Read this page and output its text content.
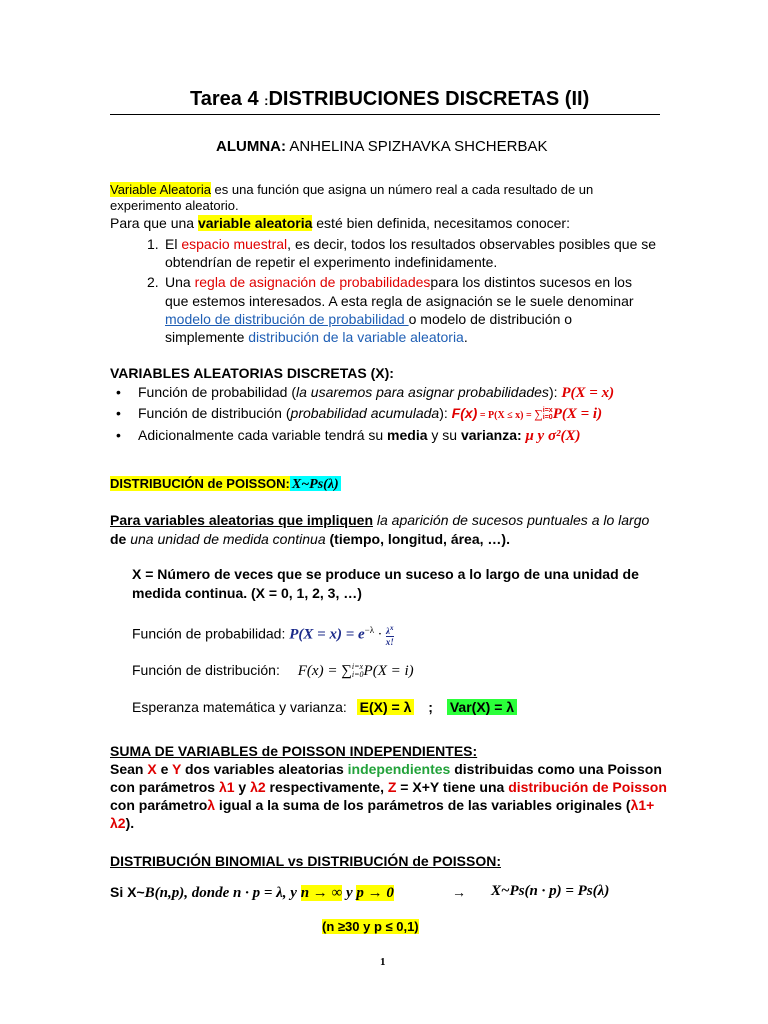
Tarea 4 :DISTRIBUCIONES DISCRETAS (II)
ALUMNA: ANHELINA SPIZHAVKA SHCHERBAK
Variable Aleatoria es una función que asigna un número real a cada resultado de un
experimento aleatorio.
Para que una variable aleatoria esté bien definida, necesitamos conocer:
1. El espacio muestral, es decir, todos los resultados observables posibles que se
obtendrían de repetir el experimento indefinidamente.
2. Una regla de asignación de probabilidadespara los distintos sucesos en los
que estemos interesados. A esta regla de asignación se le suele denominar
modelo de distribución de probabilidad o modelo de distribución o
simplemente distribución de la variable aleatoria.
VARIABLES ALEATORIAS DISCRETAS (X):
• Función de probabilidad (la usaremos para asignar probabilidades): P(X = x)
• Función de distribución (probabilidad acumulada): F(x) = P(X ≤ x) = ∑ i=x
i=0 P(X = i)
• Adicionalmente cada variable tendrá su media y su varianza: μ y σ²(X)
DISTRIBUCIÓN de POISSON: X~Ps(λ)
Para variables aleatorias que impliquen la aparición de sucesos puntuales a lo largo
de una unidad de medida continua (tiempo, longitud, área, …).
X = Número de veces que se produce un suceso a lo largo de una unidad de
medida continua. (X = 0, 1, 2, 3, …)
Función de probabilidad: $P(X = x) = e^{-\lambda} \cdot \frac{\lambda^x}{x!}$
Función de distribución: F(x) = ∑ i=x
i=0 P(X = i)
Esperanza matemática y varianza: E(X) = λ ; Var(X) = λ
SUMA DE VARIABLES de POISSON INDEPENDIENTES:
Sean X e Y dos variables aleatorias independientes distribuidas como una Poisson
con parámetros λ1 y λ2 respectivamente, Z = X+Y tiene una distribución de Poisson
con parámetroλ igual a la suma de los parámetros de las variables originales (λ1+
λ2).
DISTRIBUCIÓN BINOMIAL vs DISTRIBUCIÓN de POISSON:
Si X~B(n,p), donde n · p = λ, y n → ∞ y p → 0	→ X~Ps(n · p) = Ps(λ)
(n ≥30 y p ≤ 0,1)
1
